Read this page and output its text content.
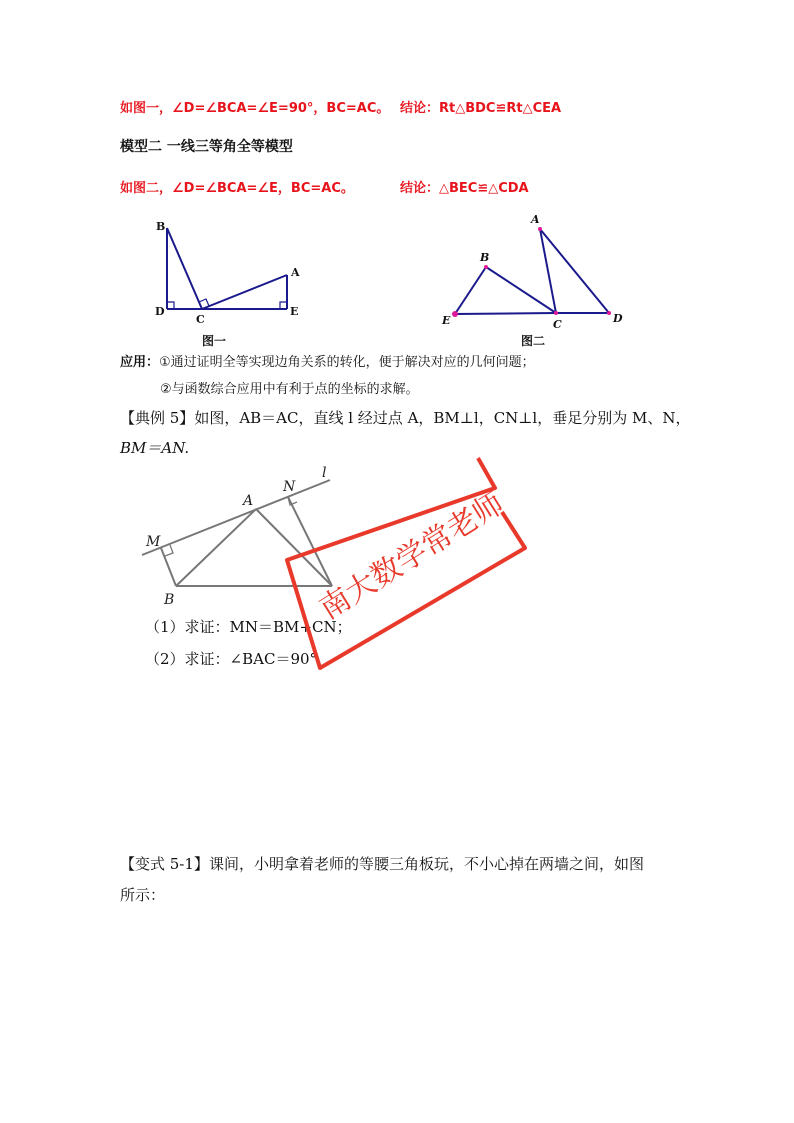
如图一，∠D=∠BCA=∠E=90°，BC=AC。 结论：Rt△BDC≌Rt△CEA
模型二 一线三等角全等模型
如图二，∠D=∠BCA=∠E，BC=AC。	结论：△BEC≌△CDA
B
A
D
C
E
图一
A
B
E	C	D
图二
应用：①通过证明全等实现边角关系的转化，便于解决对应的几何问题；
②与函数综合应用中有利于点的坐标的求解。
【典例 5】如图，AB＝AC，直线 l 经过点 A，BM⊥l，CN⊥l，垂足分别为 M、N，
BM＝AN.
l
A
N
M
B
（1）求证：MN＝BM+CN；
（2）求证：∠BAC＝90°.
南大数学常老师
【变式 5-1】课间，小明拿着老师的等腰三角板玩，不小心掉在两墙之间，如图
所示：
